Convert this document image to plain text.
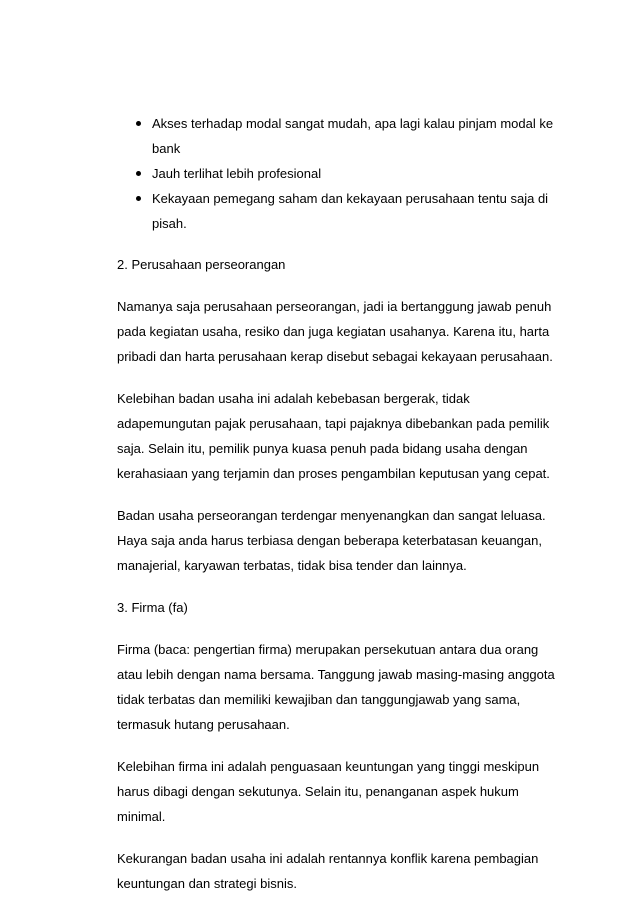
Akses terhadap modal sangat mudah, apa lagi kalau pinjam modal ke bank
Jauh terlihat lebih profesional
Kekayaan pemegang saham dan kekayaan perusahaan tentu saja di pisah.

2. Perusahaan perseorangan

Namanya saja perusahaan perseorangan, jadi ia bertanggung jawab penuh pada kegiatan usaha, resiko dan juga kegiatan usahanya. Karena itu, harta pribadi dan harta perusahaan kerap disebut sebagai kekayaan perusahaan.

Kelebihan badan usaha ini adalah kebebasan bergerak, tidak adapemungutan pajak perusahaan, tapi pajaknya dibebankan pada pemilik saja. Selain itu, pemilik punya kuasa penuh pada bidang usaha dengan kerahasiaan yang terjamin dan proses pengambilan keputusan yang cepat.

Badan usaha perseorangan terdengar menyenangkan dan sangat leluasa. Haya saja anda harus terbiasa dengan beberapa keterbatasan keuangan, manajerial, karyawan terbatas, tidak bisa tender dan lainnya.

3. Firma (fa)

Firma (baca: pengertian firma) merupakan persekutuan antara dua orang atau lebih dengan nama bersama. Tanggung jawab masing-masing anggota tidak terbatas dan memiliki kewajiban dan tanggungjawab yang sama, termasuk hutang perusahaan.

Kelebihan firma ini adalah penguasaan keuntungan yang tinggi meskipun harus dibagi dengan sekutunya. Selain itu, penanganan aspek hukum minimal.

Kekurangan badan usaha ini adalah rentannya konflik karena pembagian keuntungan dan strategi bisnis.
